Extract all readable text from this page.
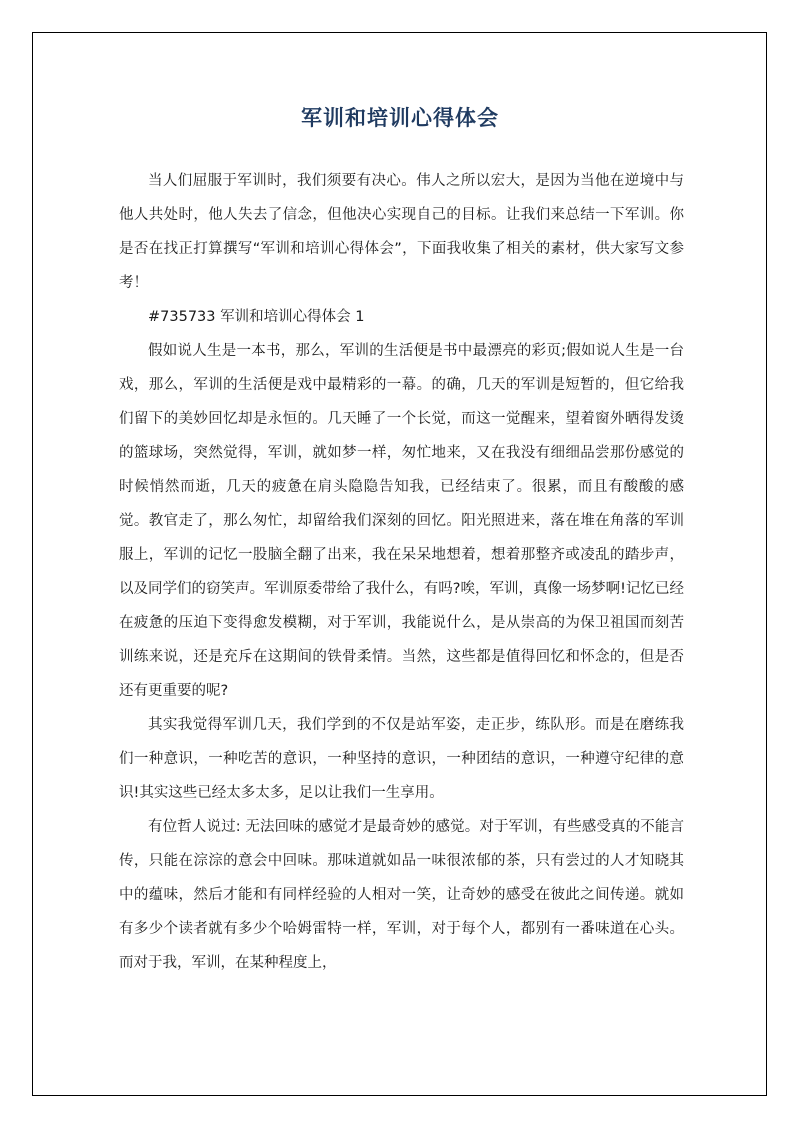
军训和培训心得体会

当人们屈服于军训时，我们须要有决心。伟人之所以宏大，是因为当他在逆境中与他人共处时，他人失去了信念，但他决心实现自己的目标。让我们来总结一下军训。你是否在找正打算撰写“军训和培训心得体会”，下面我收集了相关的素材，供大家写文参考！

#735733 军训和培训心得体会 1

假如说人生是一本书，那么，军训的生活便是书中最漂亮的彩页;假如说人生是一台戏，那么，军训的生活便是戏中最精彩的一幕。的确，几天的军训是短暂的，但它给我们留下的美妙回忆却是永恒的。几天睡了一个长觉，而这一觉醒来，望着窗外晒得发烫的篮球场，突然觉得，军训，就如梦一样，匆忙地来，又在我没有细细品尝那份感觉的时候悄然而逝，几天的疲惫在肩头隐隐告知我，已经结束了。很累，而且有酸酸的感觉。教官走了，那么匆忙，却留给我们深刻的回忆。阳光照进来，落在堆在角落的军训服上，军训的记忆一股脑全翻了出来，我在呆呆地想着，想着那整齐或凌乱的踏步声，以及同学们的窃笑声。军训原委带给了我什么，有吗?唉，军训，真像一场梦啊!记忆已经在疲惫的压迫下变得愈发模糊，对于军训，我能说什么，是从崇高的为保卫祖国而刻苦训练来说，还是充斥在这期间的铁骨柔情。当然，这些都是值得回忆和怀念的，但是否还有更重要的呢?

其实我觉得军训几天，我们学到的不仅是站军姿，走正步，练队形。而是在磨练我们一种意识，一种吃苦的意识，一种坚持的意识，一种团结的意识，一种遵守纪律的意识!其实这些已经太多太多，足以让我们一生享用。

有位哲人说过: 无法回味的感觉才是最奇妙的感觉。对于军训，有些感受真的不能言传，只能在淙淙的意会中回味。那味道就如品一味很浓郁的茶，只有尝过的人才知晓其中的蕴味，然后才能和有同样经验的人相对一笑，让奇妙的感受在彼此之间传递。就如有多少个读者就有多少个哈姆雷特一样，军训，对于每个人，都别有一番味道在心头。而对于我，军训，在某种程度上，
